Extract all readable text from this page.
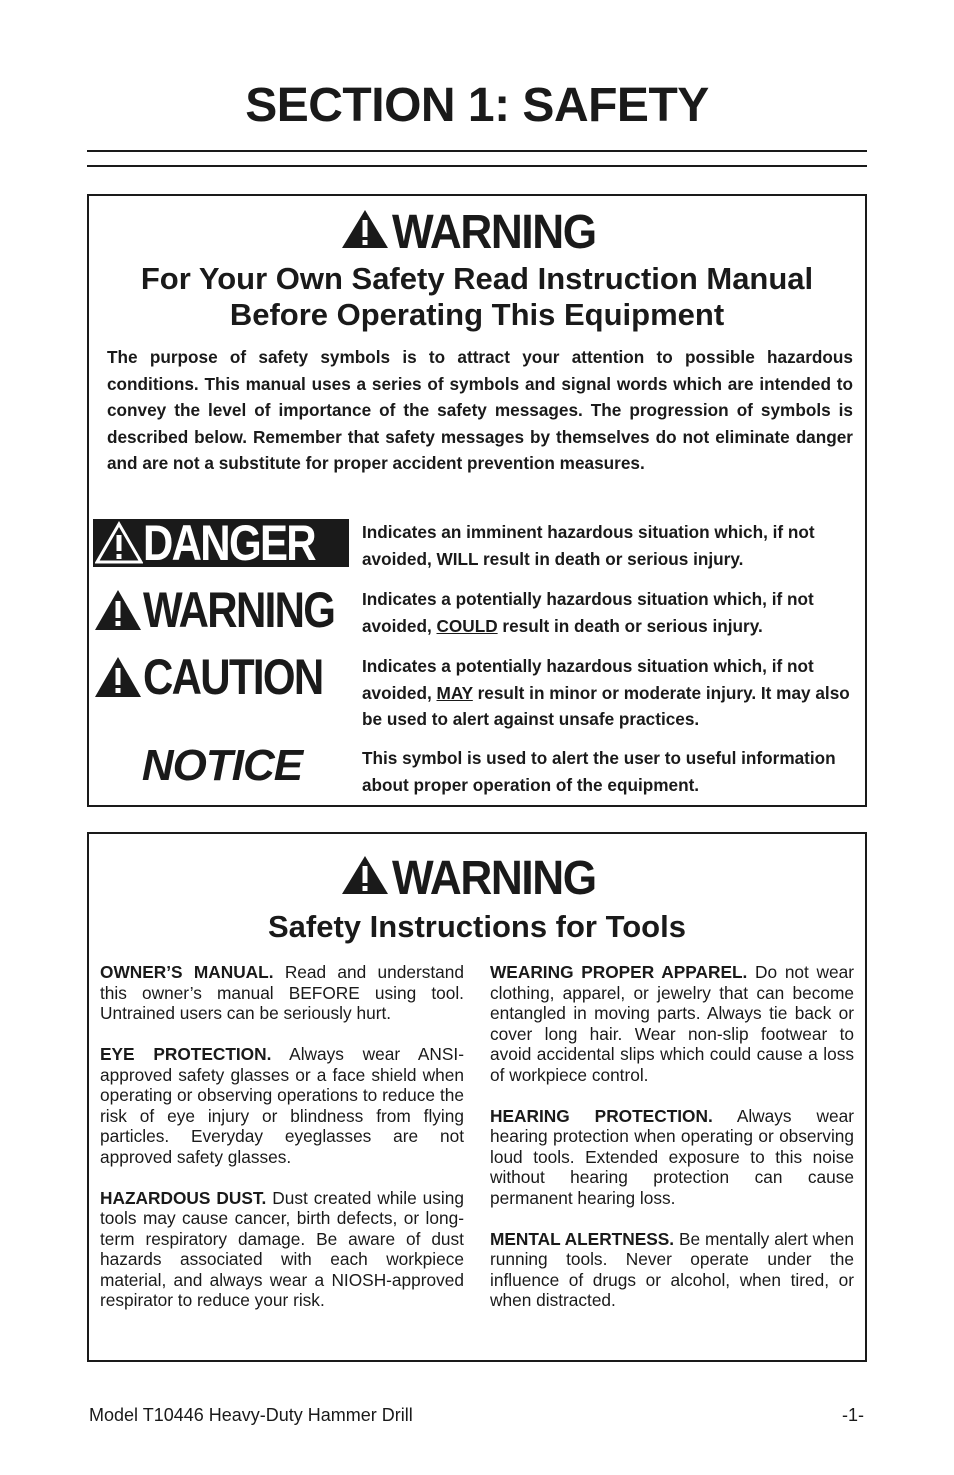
SECTION 1: SAFETY
WARNING
For Your Own Safety Read Instruction Manual
Before Operating This Equipment
The purpose of safety symbols is to attract your attention to possible hazardous conditions. This manual uses a series of symbols and signal words which are intended to convey the level of importance of the safety messages. The progression of symbols is described below. Remember that safety messages by themselves do not eliminate danger and are not a substitute for proper accident prevention measures.
DANGER	Indicates an imminent hazardous situation which, if not avoided, WILL result in death or serious injury.
WARNING Indicates a potentially hazardous situation which, if not avoided, COULD result in death or serious injury.
CAUTION Indicates a potentially hazardous situation which, if not avoided, MAY result in minor or moderate injury. It may also be used to alert against unsafe practices.
NOTICE	This symbol is used to alert the user to useful information about proper operation of the equipment.
WARNING
Safety Instructions for Tools

OWNER’S MANUAL. Read and understand this owner’s manual BEFORE using tool. Untrained users can be seriously hurt.

EYE PROTECTION. Always wear ANSI-approved safety glasses or a face shield when operating or observing operations to reduce the risk of eye injury or blindness from flying particles. Everyday eyeglasses are not approved safety glasses.

HAZARDOUS DUST. Dust created while using tools may cause cancer, birth defects, or long-term respiratory damage. Be aware of dust hazards associated with each workpiece material, and always wear a NIOSH-approved respirator to reduce your risk.

WEARING PROPER APPAREL. Do not wear clothing, apparel, or jewelry that can become entangled in moving parts. Always tie back or cover long hair. Wear non-slip footwear to avoid accidental slips which could cause a loss of workpiece control.

HEARING PROTECTION. Always wear hearing protection when operating or observing loud tools. Extended exposure to this noise without hearing protection can cause permanent hearing loss.

MENTAL ALERTNESS. Be mentally alert when running tools. Never operate under the influence of drugs or alcohol, when tired, or when distracted.

Model T10446 Heavy-Duty Hammer Drill	-1-
